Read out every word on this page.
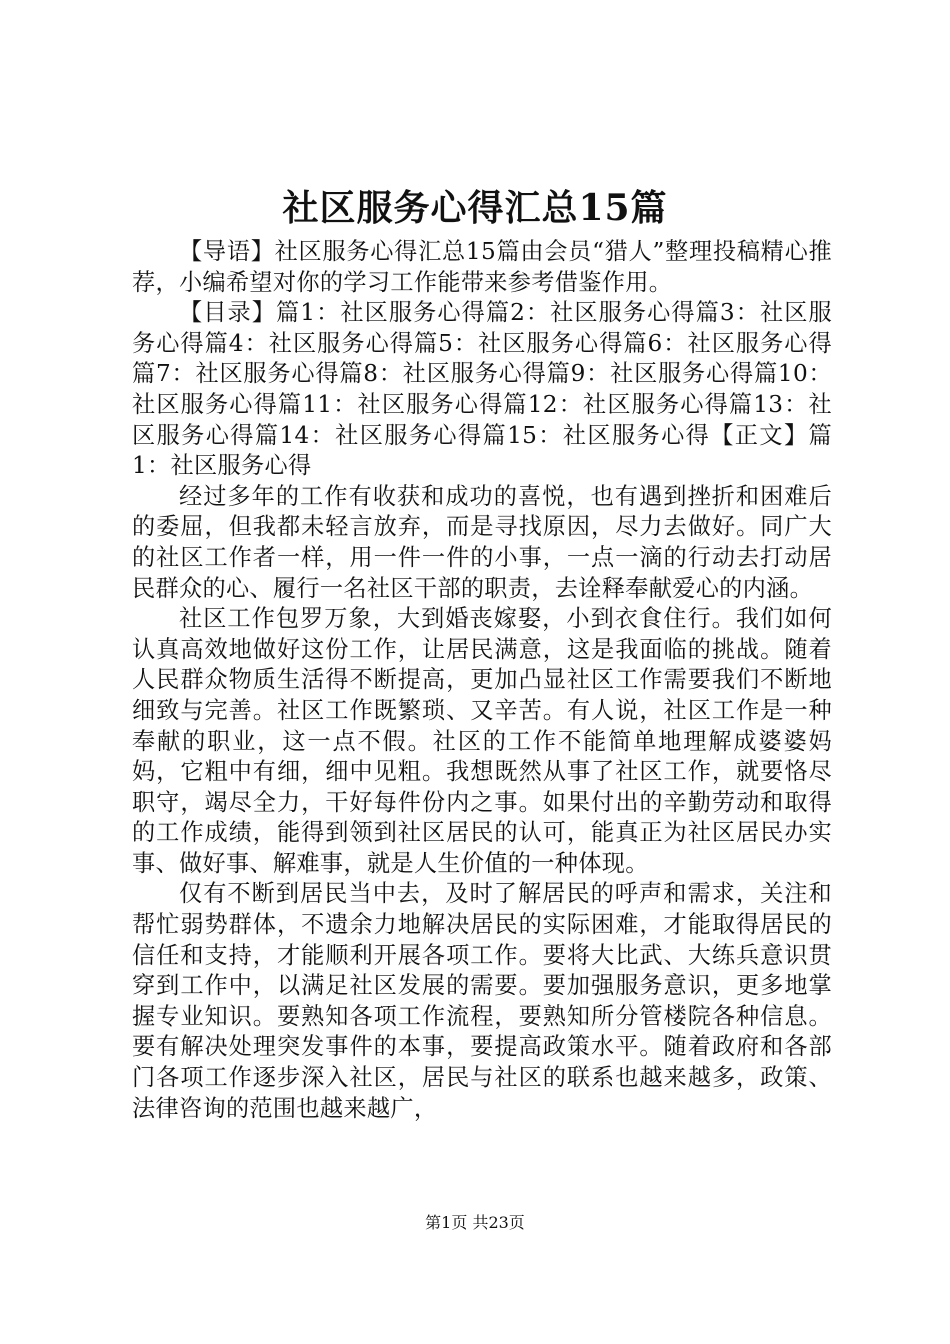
社区服务心得汇总15篇

【导语】社区服务心得汇总15篇由会员“猎人”整理投稿精心推荐，小编希望对你的学习工作能带来参考借鉴作用。

【目录】篇1：社区服务心得篇2：社区服务心得篇3：社区服务心得篇4：社区服务心得篇5：社区服务心得篇6：社区服务心得篇7：社区服务心得篇8：社区服务心得篇9：社区服务心得篇10：社区服务心得篇11：社区服务心得篇12：社区服务心得篇13：社区服务心得篇14：社区服务心得篇15：社区服务心得【正文】篇1：社区服务心得

经过多年的工作有收获和成功的喜悦，也有遇到挫折和困难后的委屈，但我都未轻言放弃，而是寻找原因，尽力去做好。同广大的社区工作者一样，用一件一件的小事，一点一滴的行动去打动居民群众的心、履行一名社区干部的职责，去诠释奉献爱心的内涵。

社区工作包罗万象，大到婚丧嫁娶，小到衣食住行。我们如何认真高效地做好这份工作，让居民满意，这是我面临的挑战。随着人民群众物质生活得不断提高，更加凸显社区工作需要我们不断地细致与完善。社区工作既繁琐、又辛苦。有人说，社区工作是一种奉献的职业，这一点不假。社区的工作不能简单地理解成婆婆妈妈，它粗中有细，细中见粗。我想既然从事了社区工作，就要恪尽职守，竭尽全力，干好每件份内之事。如果付出的辛勤劳动和取得的工作成绩，能得到领到社区居民的认可，能真正为社区居民办实事、做好事、解难事，就是人生价值的一种体现。

仅有不断到居民当中去，及时了解居民的呼声和需求，关注和帮忙弱势群体，不遗余力地解决居民的实际困难，才能取得居民的信任和支持，才能顺利开展各项工作。要将大比武、大练兵意识贯穿到工作中，以满足社区发展的需要。要加强服务意识，更多地掌握专业知识。要熟知各项工作流程，要熟知所分管楼院各种信息。要有解决处理突发事件的本事，要提高政策水平。随着政府和各部门各项工作逐步深入社区，居民与社区的联系也越来越多，政策、法律咨询的范围也越来越广，

第1页 共23页
